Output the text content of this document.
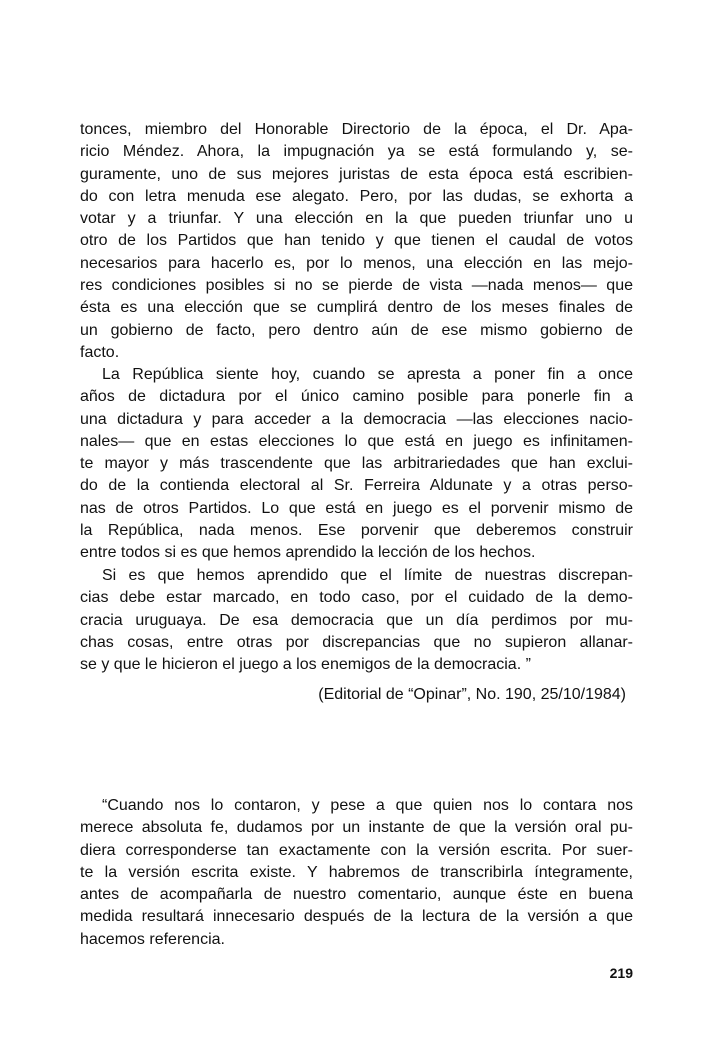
tonces, miembro del Honorable Directorio de la época, el Dr. Apa-
ricio Méndez. Ahora, la impugnación ya se está formulando y, se-
guramente, uno de sus mejores juristas de esta época está escribien-
do con letra menuda ese alegato. Pero, por las dudas, se exhorta a
votar y a triunfar. Y una elección en la que pueden triunfar uno u
otro de los Partidos que han tenido y que tienen el caudal de votos
necesarios para hacerlo es, por lo menos, una elección en las mejo-
res condiciones posibles si no se pierde de vista —nada menos— que
ésta es una elección que se cumplirá dentro de los meses finales de
un gobierno de facto, pero dentro aún de ese mismo gobierno de
facto.
La República siente hoy, cuando se apresta a poner fin a once
años de dictadura por el único camino posible para ponerle fin a
una dictadura y para acceder a la democracia —las elecciones nacio-
nales— que en estas elecciones lo que está en juego es infinitamen-
te mayor y más trascendente que las arbitrariedades que han exclui-
do de la contienda electoral al Sr. Ferreira Aldunate y a otras perso-
nas de otros Partidos. Lo que está en juego es el porvenir mismo de
la República, nada menos. Ese porvenir que deberemos construir
entre todos si es que hemos aprendido la lección de los hechos.
Si es que hemos aprendido que el límite de nuestras discrepan-
cias debe estar marcado, en todo caso, por el cuidado de la demo-
cracia uruguaya. De esa democracia que un día perdimos por mu-
chas cosas, entre otras por discrepancias que no supieron allanar-
se y que le hicieron el juego a los enemigos de la democracia. ”
(Editorial de “Opinar”, No. 190, 25/10/1984)
“Cuando nos lo contaron, y pese a que quien nos lo contara nos
merece absoluta fe, dudamos por un instante de que la versión oral pu-
diera corresponderse tan exactamente con la versión escrita. Por suer-
te la versión escrita existe. Y habremos de transcribirla íntegramente,
antes de acompañarla de nuestro comentario, aunque éste en buena
medida resultará innecesario después de la lectura de la versión a que
hacemos referencia.
219
